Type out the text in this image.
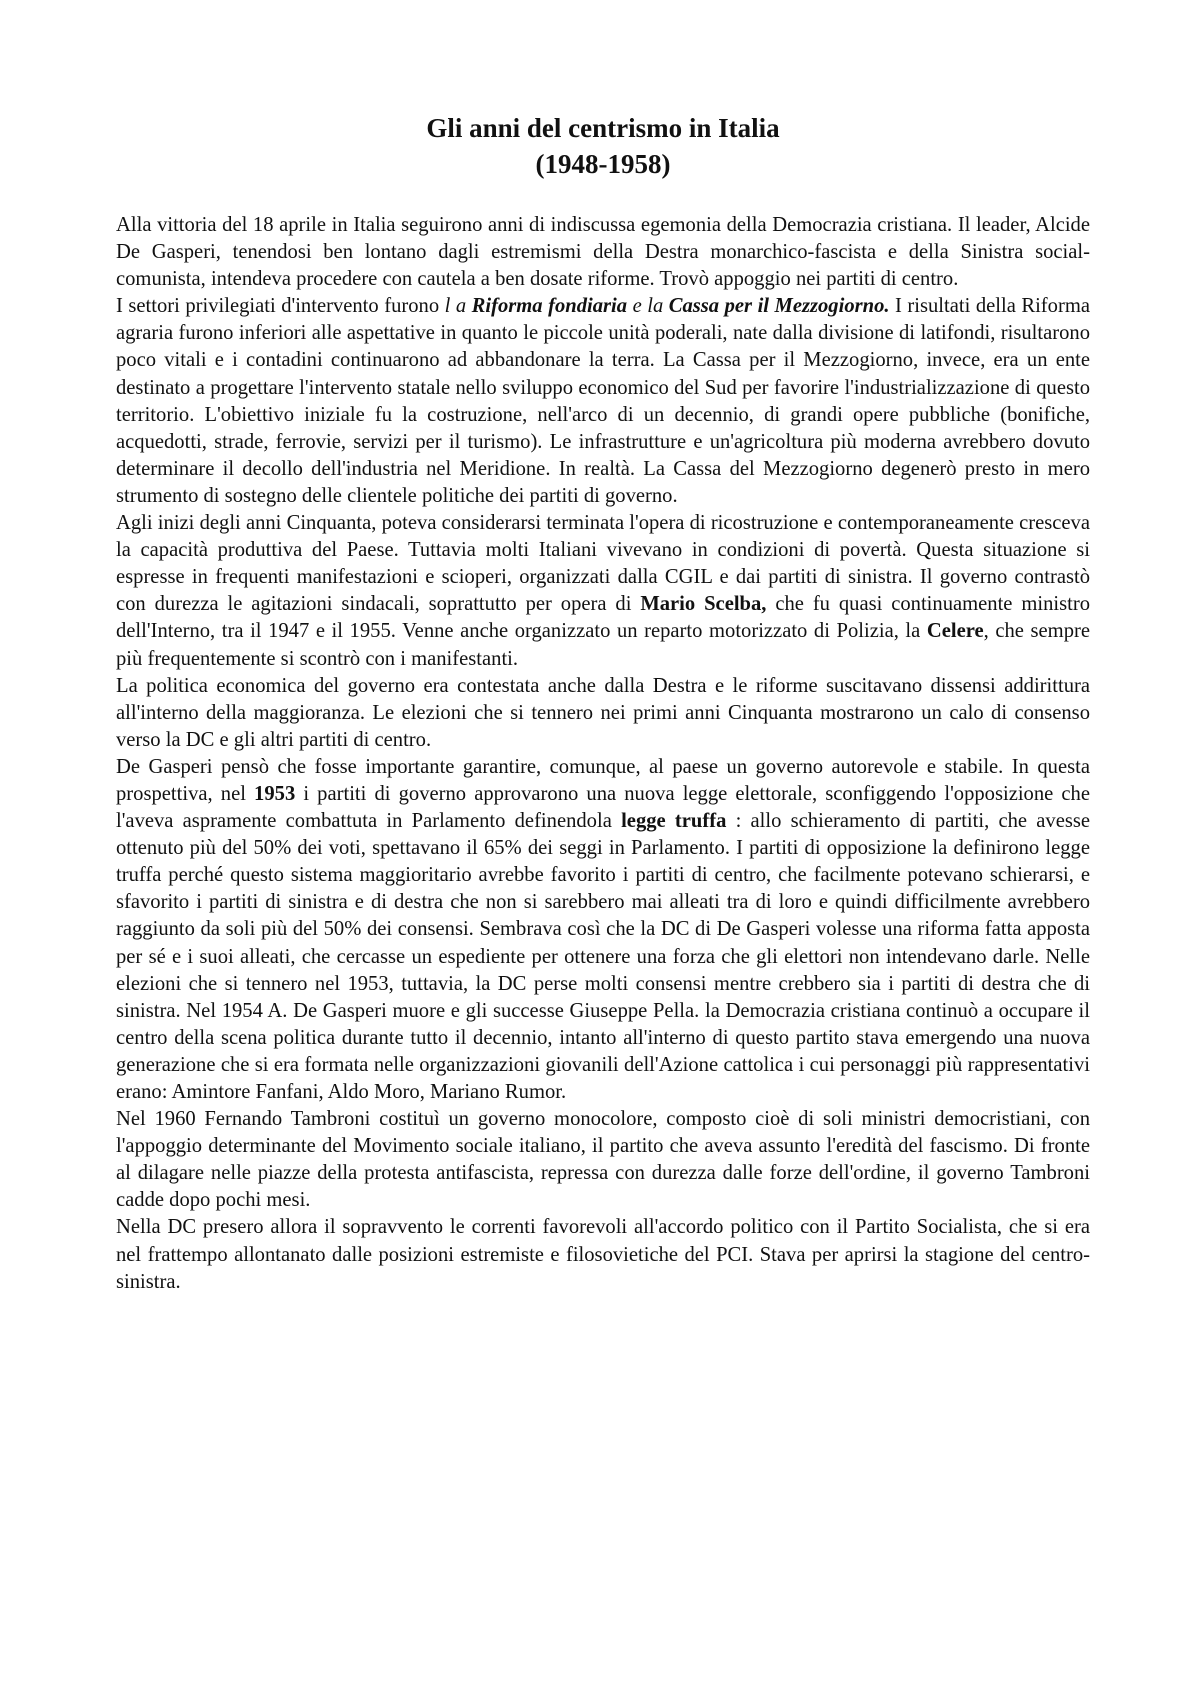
Gli anni del centrismo in Italia
(1948-1958)

Alla vittoria del 18 aprile in Italia seguirono anni di indiscussa egemonia della Democrazia cristiana. Il leader, Alcide De Gasperi, tenendosi ben lontano dagli estremismi della Destra monarchico-fascista e della Sinistra social-comunista, intendeva procedere con cautela a ben dosate riforme. Trovò appoggio nei partiti di centro.

I settori privilegiati d'intervento furono l a Riforma fondiaria e la Cassa per il Mezzogiorno. I risultati della Riforma agraria furono inferiori alle aspettative in quanto le piccole unità poderali, nate dalla divisione di latifondi, risultarono poco vitali e i contadini continuarono ad abbandonare la terra. La Cassa per il Mezzogiorno, invece, era un ente destinato a progettare l'intervento statale nello sviluppo economico del Sud per favorire l'industrializzazione di questo territorio. L'obiettivo iniziale fu la costruzione, nell'arco di un decennio, di grandi opere pubbliche (bonifiche, acquedotti, strade, ferrovie, servizi per il turismo). Le infrastrutture e un'agricoltura più moderna avrebbero dovuto determinare il decollo dell'industria nel Meridione. In realtà. La Cassa del Mezzogiorno degenerò presto in mero strumento di sostegno delle clientele politiche dei partiti di governo.

Agli inizi degli anni Cinquanta, poteva considerarsi terminata l'opera di ricostruzione e contemporaneamente cresceva la capacità produttiva del Paese. Tuttavia molti Italiani vivevano in condizioni di povertà. Questa situazione si espresse in frequenti manifestazioni e scioperi, organizzati dalla CGIL e dai partiti di sinistra. Il governo contrastò con durezza le agitazioni sindacali, soprattutto per opera di Mario Scelba, che fu quasi continuamente ministro dell'Interno, tra il 1947 e il 1955. Venne anche organizzato un reparto motorizzato di Polizia, la Celere, che sempre più frequentemente si scontrò con i manifestanti.

La politica economica del governo era contestata anche dalla Destra e le riforme suscitavano dissensi addirittura all'interno della maggioranza. Le elezioni che si tennero nei primi anni Cinquanta mostrarono un calo di consenso verso la DC e gli altri partiti di centro.

De Gasperi pensò che fosse importante garantire, comunque, al paese un governo autorevole e stabile. In questa prospettiva, nel 1953 i partiti di governo approvarono una nuova legge elettorale, sconfiggendo l'opposizione che l'aveva aspramente combattuta in Parlamento definendola legge truffa : allo schieramento di partiti, che avesse ottenuto più del 50% dei voti, spettavano il 65% dei seggi in Parlamento. I partiti di opposizione la definirono legge truffa perché questo sistema maggioritario avrebbe favorito i partiti di centro, che facilmente potevano schierarsi, e sfavorito i partiti di sinistra e di destra che non si sarebbero mai alleati tra di loro e quindi difficilmente avrebbero raggiunto da soli più del 50% dei consensi. Sembrava così che la DC di De Gasperi volesse una riforma fatta apposta per sé e i suoi alleati, che cercasse un espediente per ottenere una forza che gli elettori non intendevano darle. Nelle elezioni che si tennero nel 1953, tuttavia, la DC perse molti consensi mentre crebbero sia i partiti di destra che di sinistra. Nel 1954 A. De Gasperi muore e gli successe Giuseppe Pella. la Democrazia cristiana continuò a occupare il centro della scena politica durante tutto il decennio, intanto all'interno di questo partito stava emergendo una nuova generazione che si era formata nelle organizzazioni giovanili dell'Azione cattolica i cui personaggi più rappresentativi erano: Amintore Fanfani, Aldo Moro, Mariano Rumor.

Nel 1960 Fernando Tambroni costituì un governo monocolore, composto cioè di soli ministri democristiani, con l'appoggio determinante del Movimento sociale italiano, il partito che aveva assunto l'eredità del fascismo. Di fronte al dilagare nelle piazze della protesta antifascista, repressa con durezza dalle forze dell'ordine, il governo Tambroni cadde dopo pochi mesi.

Nella DC presero allora il sopravvento le correnti favorevoli all'accordo politico con il Partito Socialista, che si era nel frattempo allontanato dalle posizioni estremiste e filosovietiche del PCI. Stava per aprirsi la stagione del centro-sinistra.
